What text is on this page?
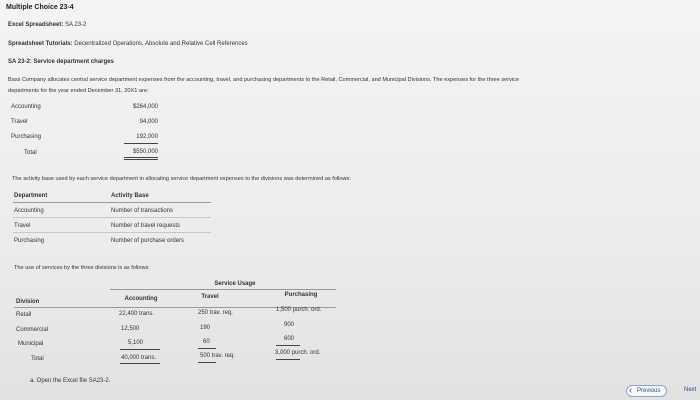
Multiple Choice 23-4
Excel Spreadsheet: SA 23-2
Spreadsheet Tutorials: Decentralized Operations, Absolute and Relative Cell References
SA 23-2: Service department charges
Bass Company allocates central service department expenses from the accounting, travel, and purchasing departments to the Retail, Commercial, and Municipal Divisions. The expenses for the three service
departments for the year ended December 31, 20X1 are:
Accounting	$264,000
Travel	94,000
Purchasing	192,000
Total	$550,000
The activity base used by each service department in allocating service department expenses to the divisions was determined as follows:
Department	Activity Base
Accounting	Number of transactions
Travel	Number of travel requests
Purchasing	Number of purchase orders
The use of services by the three divisions is as follows:
Service Usage
Division	Accounting	Travel	Purchasing
Retail	22,400 trans.	250 trav. req.	1,500 purch. ord.
Commercial	12,500	190	900
Municipal	5,100	60	600
Total	40,000 trans.	500 trav. req.	3,000 purch. ord.
a. Open the Excel file SA23-2.
‹ Previous	Next
